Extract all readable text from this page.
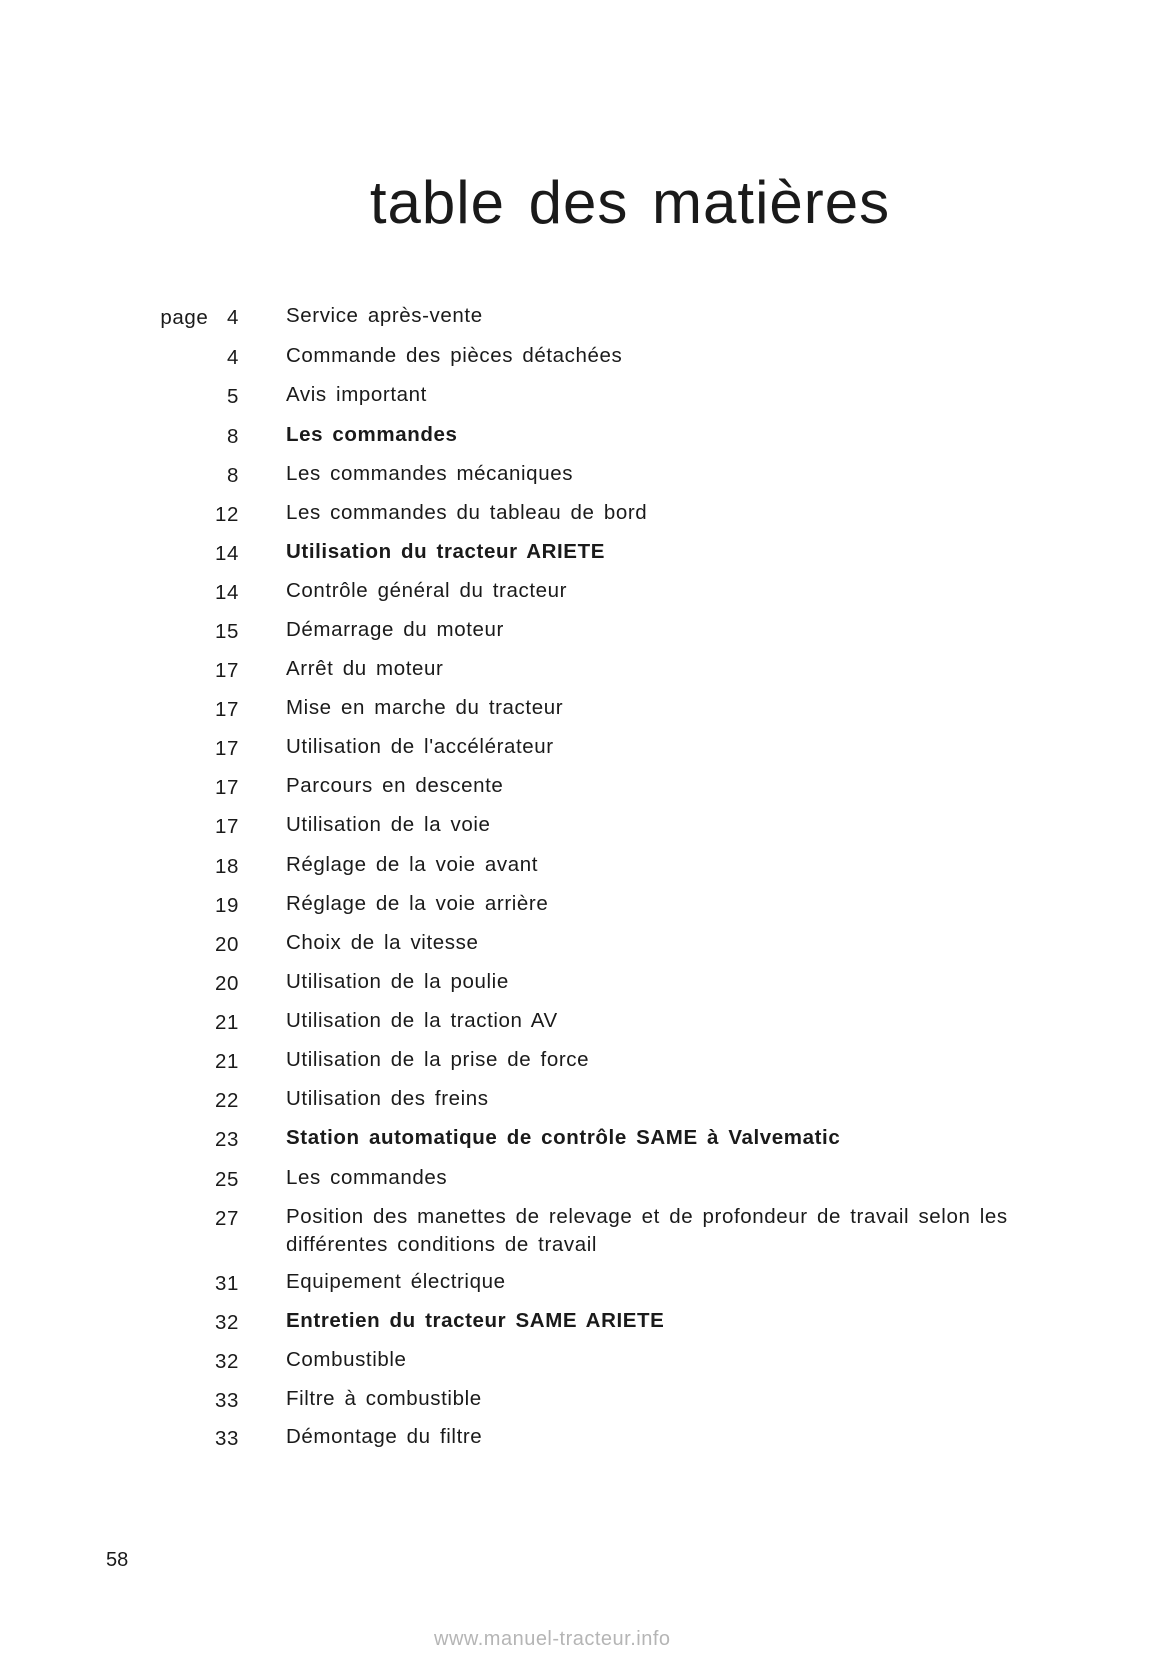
table des matières
page  4 Service après-vente
4 Commande des pièces détachées
5 Avis important
8 Les commandes
8 Les commandes mécaniques
12 Les commandes du tableau de bord
14 Utilisation du tracteur ARIETE
14 Contrôle général du tracteur
15 Démarrage du moteur
17 Arrêt du moteur
17 Mise en marche du tracteur
17 Utilisation de l'accélérateur
17 Parcours en descente
17 Utilisation de la voie
18 Réglage de la voie avant
19 Réglage de la voie arrière
20 Choix de la vitesse
20 Utilisation de la poulie
21 Utilisation de la traction AV
21 Utilisation de la prise de force
22 Utilisation des freins
23 Station automatique de contrôle SAME à Valvematic
25 Les commandes
27 Position des manettes de relevage et de profondeur de travail selon les différentes conditions de travail
31 Equipement électrique
32 Entretien du tracteur SAME ARIETE
32 Combustible
33 Filtre à combustible
33 Démontage du filtre
58
www.manuel-tracteur.info
